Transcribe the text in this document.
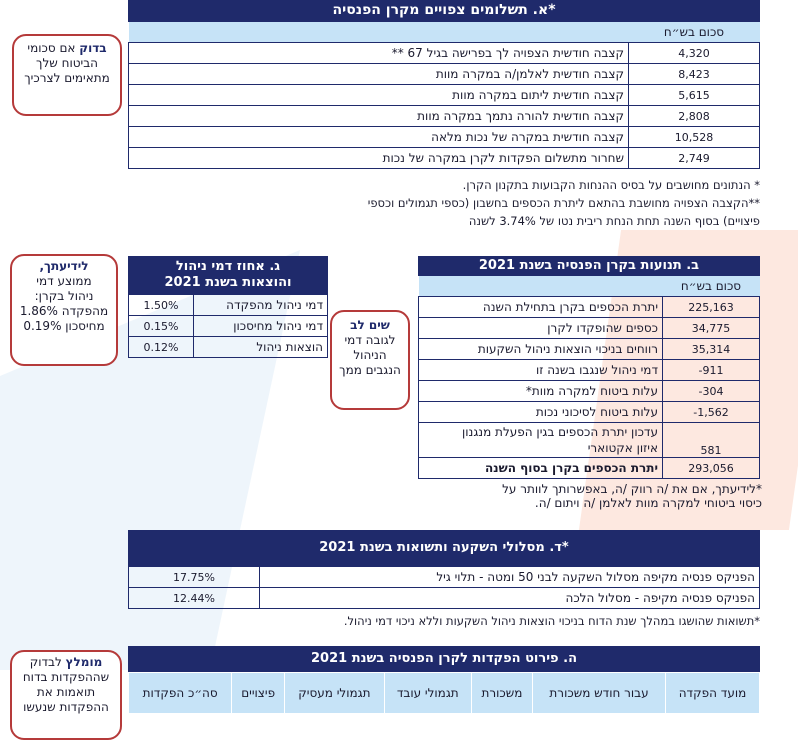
א. תשלומים צפויים מקרן הפנסיה*
	סכום בש״ח
קצבה חודשית הצפויה לך בפרישה בגיל 67 **	4,320
קצבה חודשית לאלמן/ה במקרה מוות	8,423
קצבה חודשית ליתום במקרה מוות	5,615
קצבה חודשית להורה נתמך במקרה מוות	2,808
קצבה חודשית במקרה של נכות מלאה	10,528
שחרור מתשלום הפקדות לקרן במקרה של נכות	2,749
* הנתונים מחושבים על בסיס ההנחות הקבועות בתקנון הקרן.
**הקצבה הצפויה מחושבת בהתאם ליתרת הכספים בחשבון (כספי תגמולים וכספי
פיצויים) בסוף השנה תחת הנחת ריבית נטו של 3.74% לשנה
בדוק אם סכומי הביטוח שלך מתאימים לצרכיך
ג. אחוז דמי ניהול
והוצאות בשנת 2021
1.50%	דמי ניהול מהפקדה
0.15%	דמי ניהול מחיסכון
0.12%	הוצאות ניהול
לידיעתך,
ממוצע דמי
ניהול בקרן:
מהפקדה 1.86%
מחיסכון 0.19%	שים לב
לגובה דמי הניהול הנגבים ממך
ב. תנועות בקרן הפנסיה בשנת 2021
	סכום בש״ח
יתרת הכספים בקרן בתחילת השנה	225,163
כספים שהופקדו לקרן	34,775
רווחים בניכוי הוצאות ניהול השקעות	35,314
דמי ניהול שנגבו בשנה זו	-911
עלות ביטוח למקרה מוות*	-304
עלות ביטוח לסיכוני נכות	-1,562

עדכון יתרת הכספים בגין הפעלת מנגנון
איזון אקטוארי	581
יתרת הכספים בקרן בסוף השנה	293,056
*לידיעתך, אם את /ה רווק /ה, באפשרותך לוותר על
כיסוי ביטוחי למקרה מוות לאלמן /ה ויתום /ה.
ד. מסלולי השקעה ותשואות בשנת 2021*
17.75%	הפניקס פנסיה מקיפה מסלול השקעה לבני 50 ומטה - תלוי גיל
12.44%	הפניקס פנסיה מקיפה - מסלול הלכה
*תשואות שהושגו במהלך שנת הדוח בניכוי הוצאות ניהול השקעות וללא ניכוי דמי ניהול.
ה. פירוט הפקדות לקרן הפנסיה בשנת 2021
מועד הפקדה	עבור חודש משכורת	משכורת	תגמולי עובד	תגמולי מעסיק	פיצויים	סה״כ הפקדות
מומלץ לבדוק שההפקדות בדוח תואמות את ההפקדות שנעשו
